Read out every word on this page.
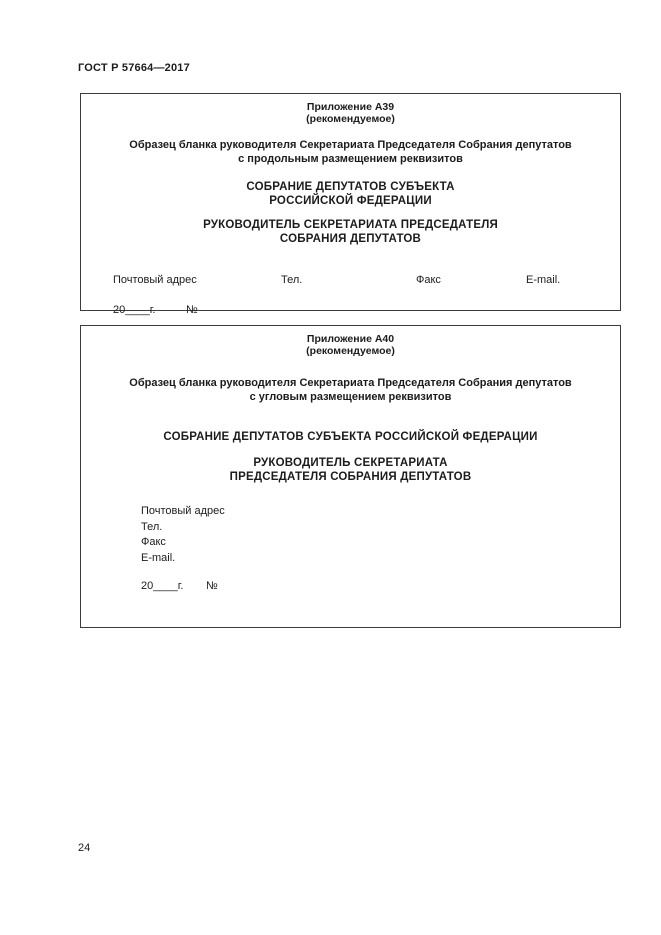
ГОСТ Р 57664—2017
Приложение А39
(рекомендуемое)
Образец бланка руководителя Секретариата Председателя Собрания депутатов
с продольным размещением реквизитов
СОБРАНИЕ ДЕПУТАТОВ СУБЪЕКТА
РОССИЙСКОЙ ФЕДЕРАЦИИ
РУКОВОДИТЕЛЬ СЕКРЕТАРИАТА ПРЕДСЕДАТЕЛЯ
СОБРАНИЯ ДЕПУТАТОВ
Почтовый адрес	Тел.	Факс	E-mail.
20____г.	№
Приложение А40
(рекомендуемое)
Образец бланка руководителя Секретариата Председателя Собрания депутатов
с угловым размещением реквизитов
СОБРАНИЕ ДЕПУТАТОВ СУБЪЕКТА РОССИЙСКОЙ ФЕДЕРАЦИИ
РУКОВОДИТЕЛЬ СЕКРЕТАРИАТА
ПРЕДСЕДАТЕЛЯ СОБРАНИЯ ДЕПУТАТОВ
Почтовый адрес
Тел.
Факс
E-mail.
20____г. №
24
